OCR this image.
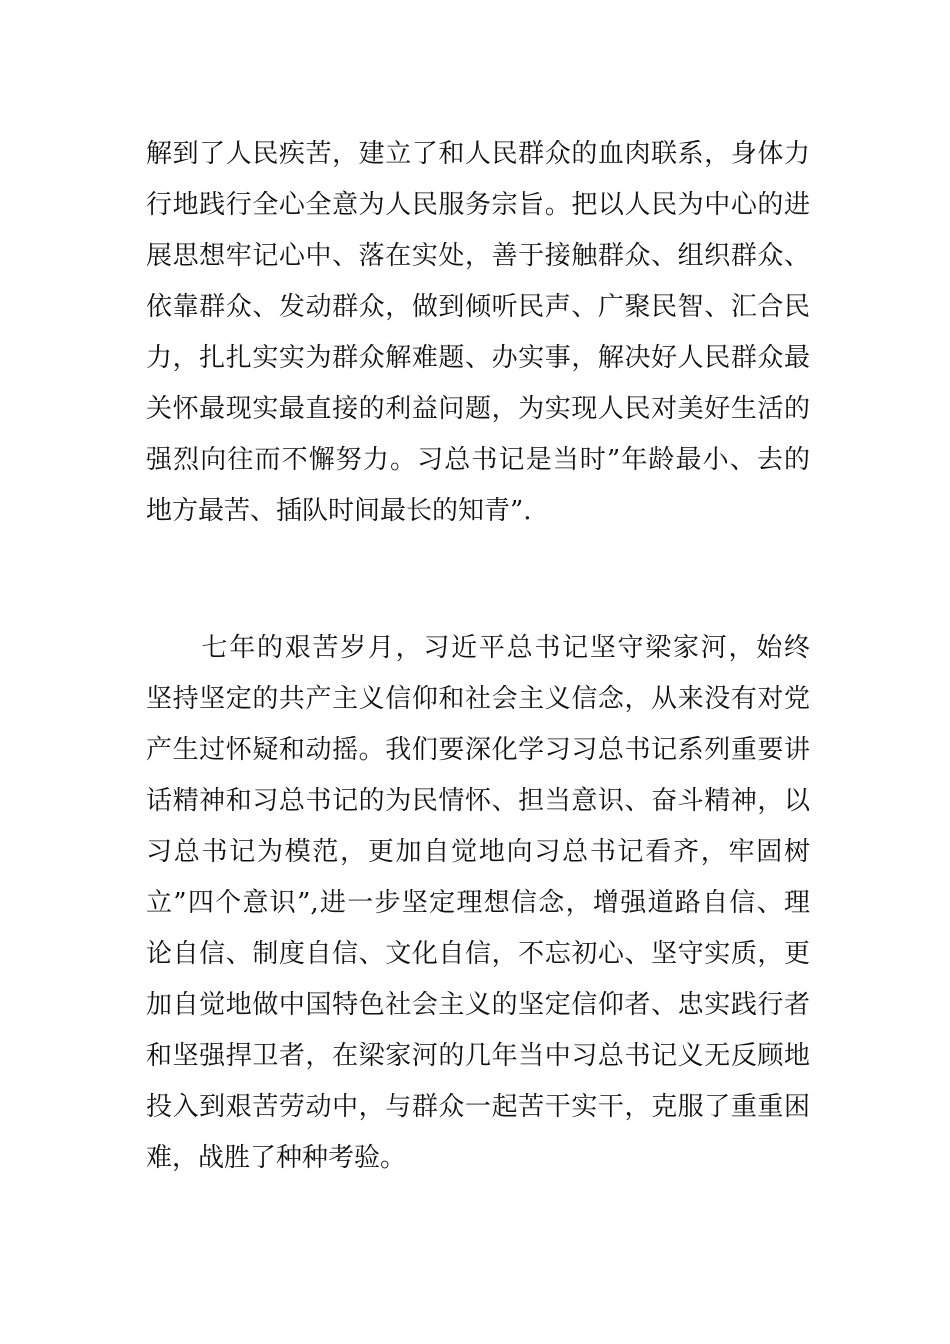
解到了人民疾苦，建立了和人民群众的血肉联系，身体力
行地践行全心全意为人民服务宗旨。把以人民为中心的进
展思想牢记心中、落在实处，善于接触群众、组织群众、
依靠群众、发动群众，做到倾听民声、广聚民智、汇合民
力，扎扎实实为群众解难题、办实事，解决好人民群众最
关怀最现实最直接的利益问题，为实现人民对美好生活的
强烈向往而不懈努力。习总书记是当时”年龄最小、去的
地方最苦、插队时间最长的知青”.
　　七年的艰苦岁月，习近平总书记坚守梁家河，始终
坚持坚定的共产主义信仰和社会主义信念，从来没有对党
产生过怀疑和动摇。我们要深化学习习总书记系列重要讲
话精神和习总书记的为民情怀、担当意识、奋斗精神，以
习总书记为模范，更加自觉地向习总书记看齐，牢固树
立”四个意识”,进一步坚定理想信念，增强道路自信、理
论自信、制度自信、文化自信，不忘初心、坚守实质，更
加自觉地做中国特色社会主义的坚定信仰者、忠实践行者
和坚强捍卫者，在梁家河的几年当中习总书记义无反顾地
投入到艰苦劳动中，与群众一起苦干实干，克服了重重困
难，战胜了种种考验。
